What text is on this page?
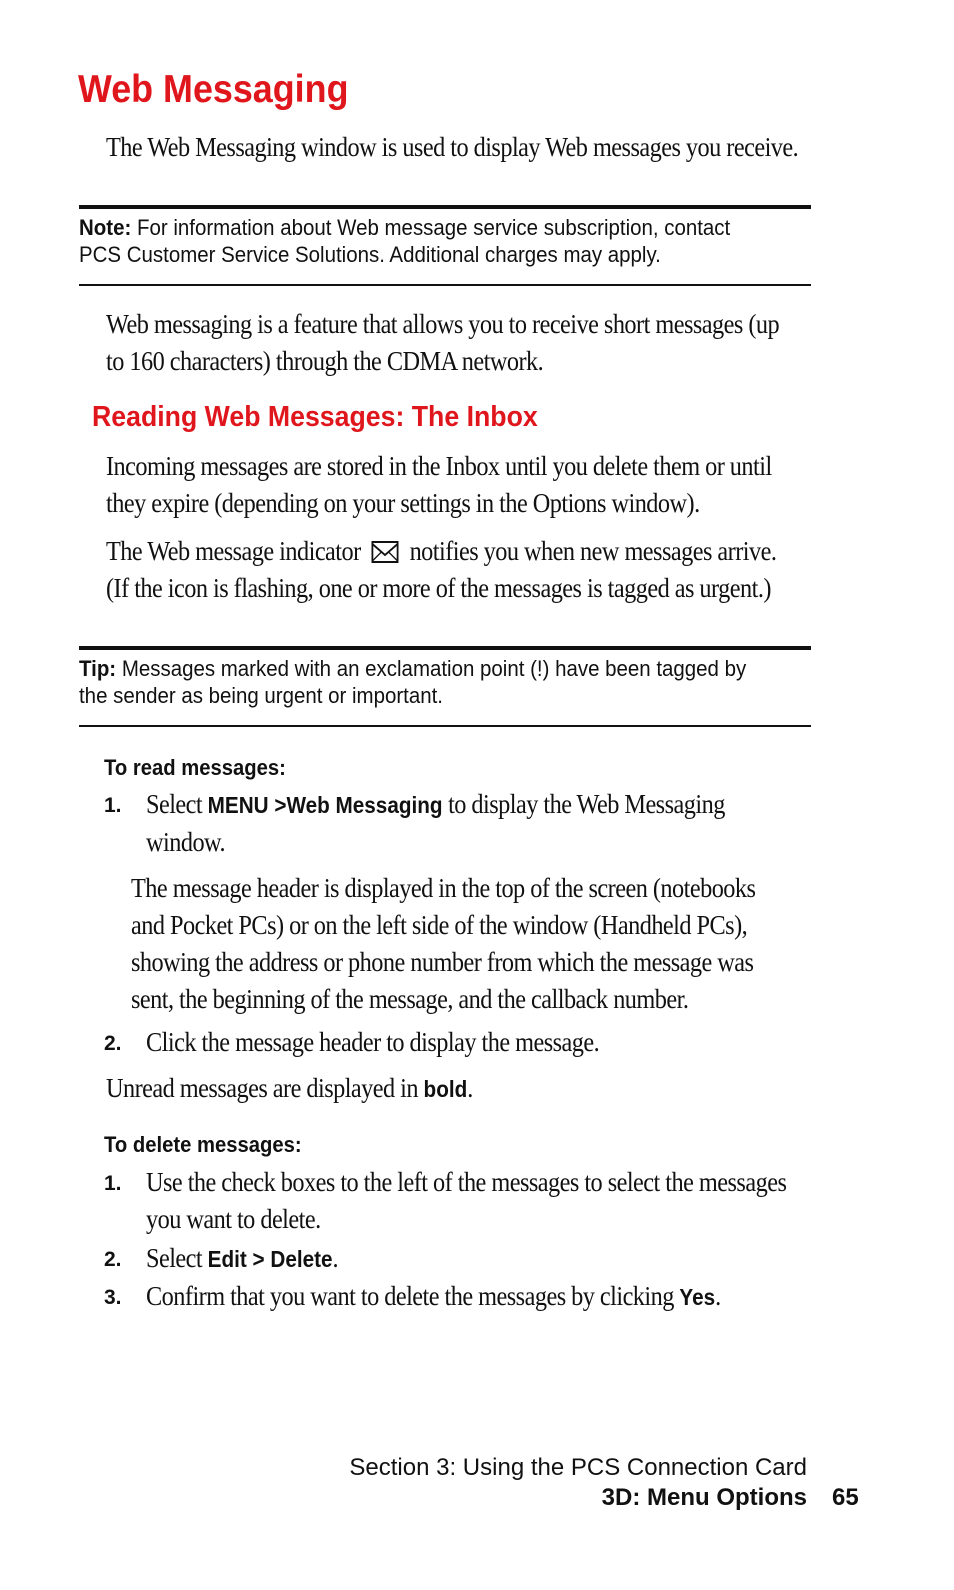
Web Messaging
The Web Messaging window is used to display Web messages you receive.
Note: For information about Web message service subscription, contact
PCS Customer Service Solutions. Additional charges may apply.
Web messaging is a feature that allows you to receive short messages (up
to 160 characters) through the CDMA network.
Reading Web Messages: The Inbox
Incoming messages are stored in the Inbox until you delete them or until
they expire (depending on your settings in the Options window).
The Web message indicator notifies you when new messages arrive.
(If the icon is flashing, one or more of the messages is tagged as urgent.)
Tip: Messages marked with an exclamation point (!) have been tagged by
the sender as being urgent or important.
To read messages:
1. Select MENU >Web Messaging to display the Web Messaging
window.
The message header is displayed in the top of the screen (notebooks
and Pocket PCs) or on the left side of the window (Handheld PCs),
showing the address or phone number from which the message was
sent, the beginning of the message, and the callback number.
2. Click the message header to display the message.
Unread messages are displayed in bold.
To delete messages:
1. Use the check boxes to the left of the messages to select the messages
you want to delete.
2. Select Edit > Delete.
3. Confirm that you want to delete the messages by clicking Yes.
Section 3: Using the PCS Connection Card
3D: Menu Options 65
